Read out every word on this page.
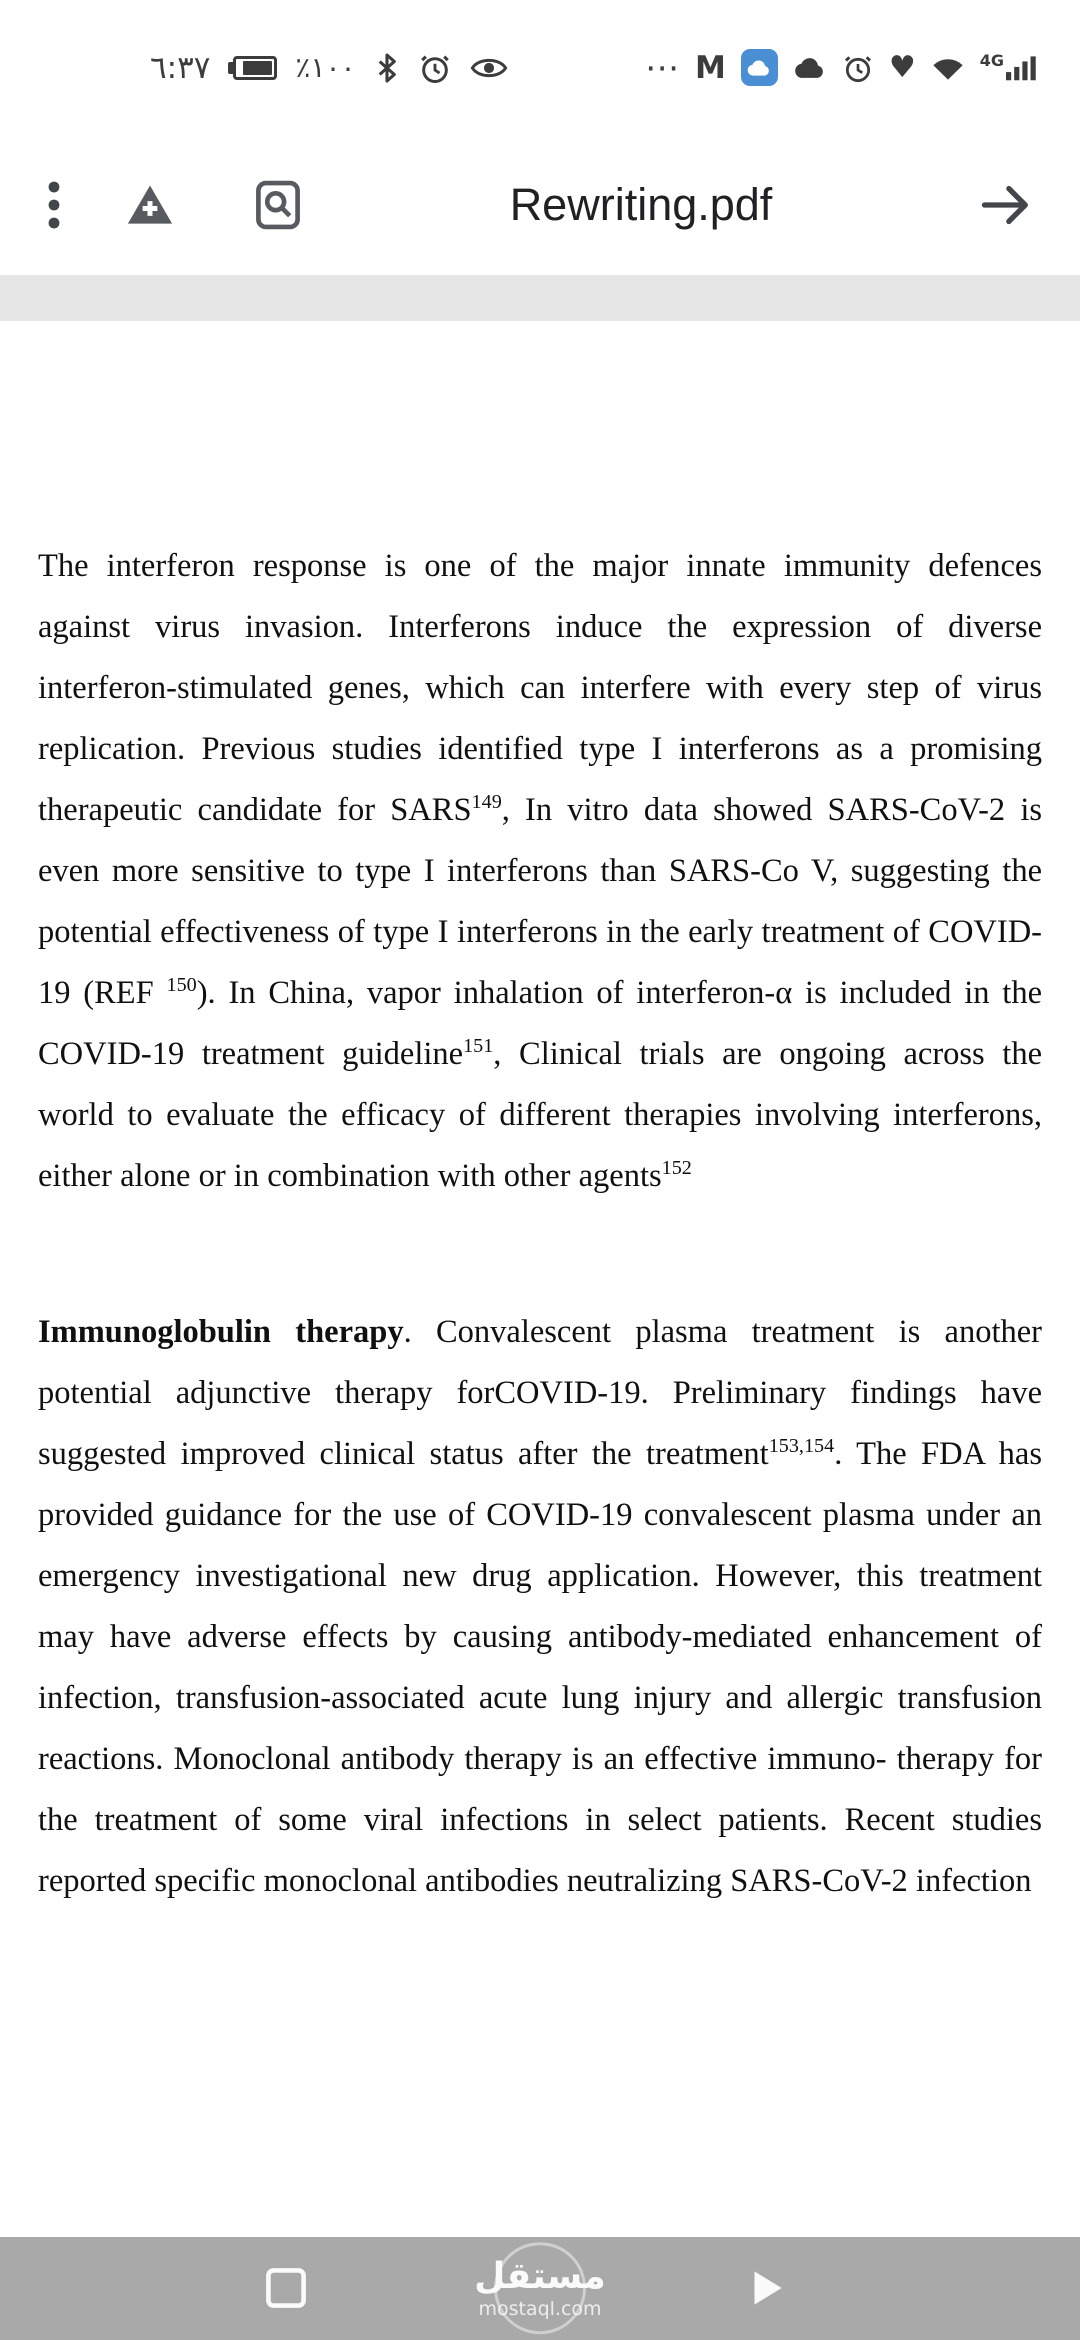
٦:٣٧	٪١٠٠	⋯ M	♥	4G
Rewriting.pdf

The interferon response is one of the major innate immunity defences against virus invasion. Interferons induce the expression of diverse interferon-stimulated genes, which can interfere with every step of virus replication. Previous studies identified type I interferons as a promising therapeutic candidate for SARS$^{149}$, In vitro data showed SARS-CoV-2 is even more sensitive to type I interferons than SARS-Co V, suggesting the potential effectiveness of type I interferons in the early treatment of COVID-19 (REF $^{150}$). In China, vapor inhalation of interferon-α is included in the COVID-19 treatment guideline$^{151}$, Clinical trials are ongoing across the world to evaluate the efficacy of different therapies involving interferons, either alone or in combination with other agents$^{152}$

Immunoglobulin therapy. Convalescent plasma treatment is another potential adjunctive therapy forCOVID-19. Preliminary findings have suggested improved clinical status after the treatment$^{153,154}$. The FDA has provided guidance for the use of COVID-19 convalescent plasma under an emergency investigational new drug application. However, this treatment may have adverse effects by causing antibody-mediated enhancement of infection, transfusion-associated acute lung injury and allergic transfusion reactions. Monoclonal antibody therapy is an effective immuno- therapy for the treatment of some viral infections in select patients. Recent studies reported specific monoclonal antibodies neutralizing SARS-CoV-2 infection

مستقل
mostaql.com
